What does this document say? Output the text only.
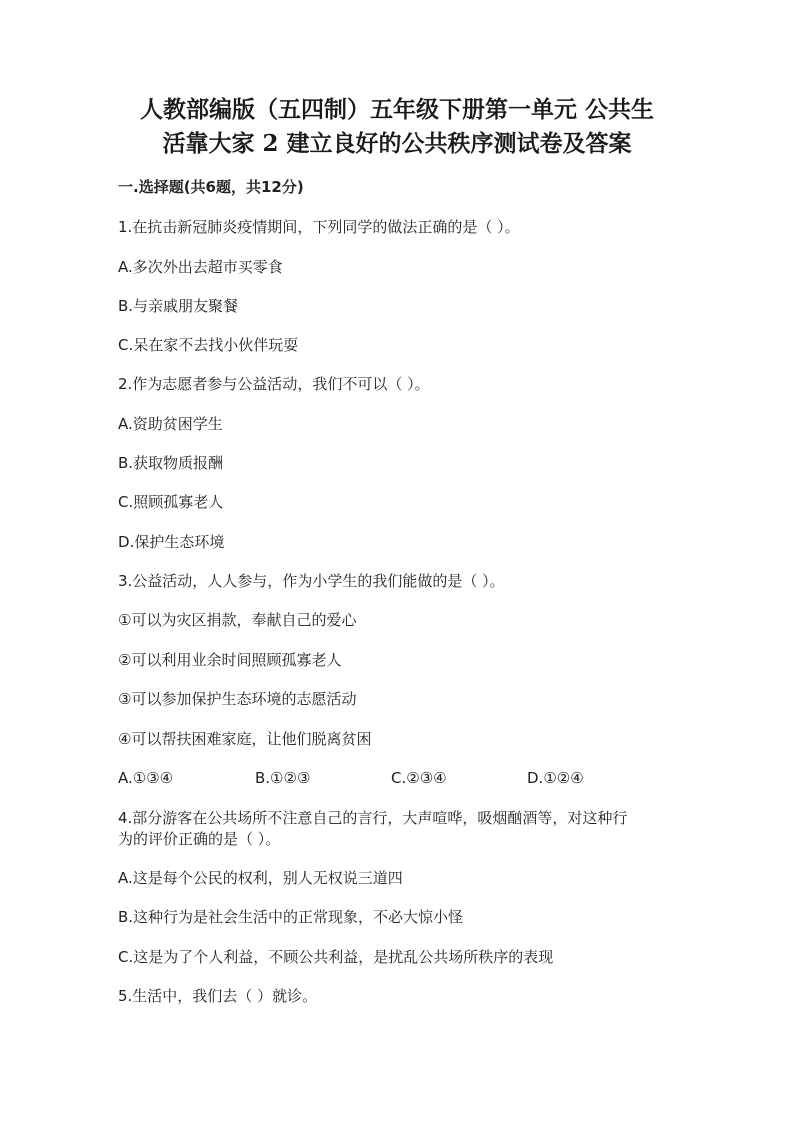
人教部编版（五四制）五年级下册第一单元 公共生
活靠大家 2 建立良好的公共秩序测试卷及答案
一.选择题(共6题，共12分)
1.在抗击新冠肺炎疫情期间，下列同学的做法正确的是（ ）。
A.多次外出去超市买零食
B.与亲戚朋友聚餐
C.呆在家不去找小伙伴玩耍
2.作为志愿者参与公益活动，我们不可以（ ）。
A.资助贫困学生
B.获取物质报酬
C.照顾孤寡老人
D.保护生态环境
3.公益活动，人人参与，作为小学生的我们能做的是（ ）。
①可以为灾区捐款，奉献自己的爱心
②可以利用业余时间照顾孤寡老人
③可以参加保护生态环境的志愿活动
④可以帮扶困难家庭，让他们脱离贫困
A.①③④	B.①②③	C.②③④	D.①②④
4.部分游客在公共场所不注意自己的言行，大声喧哗，吸烟酗酒等，对这种行
为的评价正确的是（ ）。
A.这是每个公民的权利，别人无权说三道四
B.这种行为是社会生活中的正常现象，不必大惊小怪
C.这是为了个人利益，不顾公共利益，是扰乱公共场所秩序的表现
5.生活中，我们去（ ）就诊。
